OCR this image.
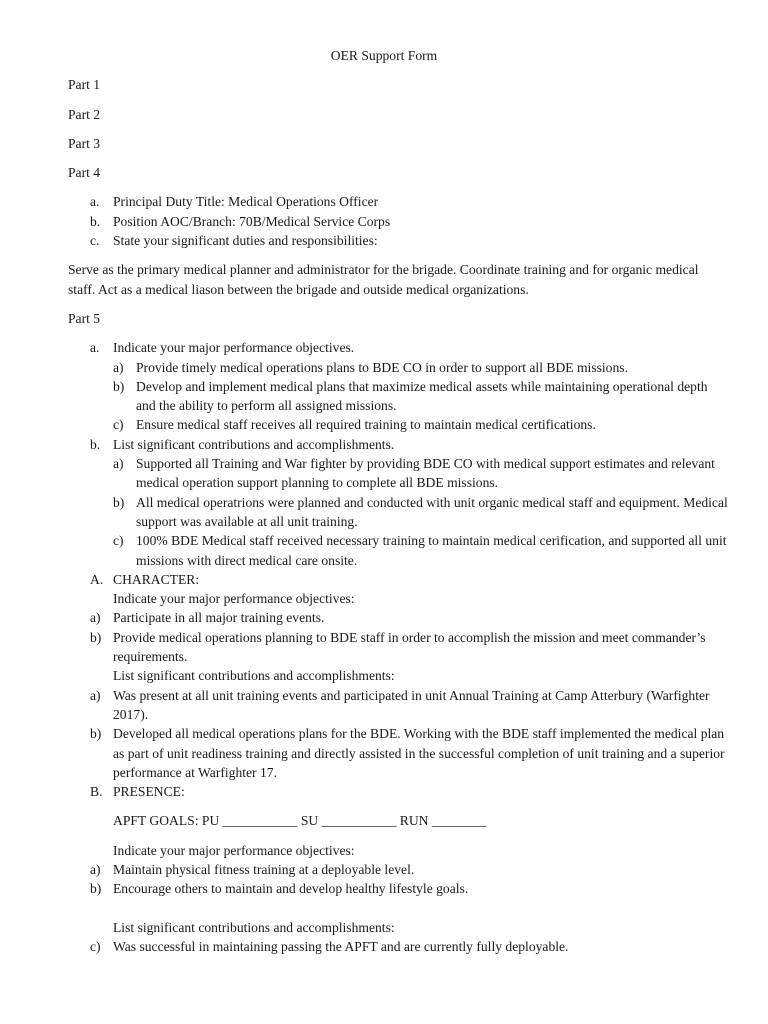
OER Support Form
Part 1
Part 2
Part 3
Part 4
a. Principal Duty Title: Medical Operations Officer
b. Position AOC/Branch: 70B/Medical Service Corps
c. State your significant duties and responsibilities:
Serve as the primary medical planner and administrator for the brigade. Coordinate training and for organic medical staff. Act as a medical liason between the brigade and outside medical organizations.
Part 5
a. Indicate your major performance objectives.
a) Provide timely medical operations plans to BDE CO in order to support all BDE missions.
b) Develop and implement medical plans that maximize medical assets while maintaining operational depth and the ability to perform all assigned missions.
c) Ensure medical staff receives all required training to maintain medical certifications.
b. List significant contributions and accomplishments.
a) Supported all Training and War fighter by providing BDE CO with medical support estimates and relevant medical operation support planning to complete all BDE missions.
b) All medical operatrions were planned and conducted with unit organic medical staff and equipment. Medical support was available at all unit training.
c) 100% BDE Medical staff received necessary training to maintain medical cerification, and supported all unit missions with direct medical care onsite.
A. CHARACTER:
Indicate your major performance objectives:
a) Participate in all major training events.
b) Provide medical operations planning to BDE staff in order to accomplish the mission and meet commander’s requirements.
List significant contributions and accomplishments:
a) Was present at all unit training events and participated in unit Annual Training at Camp Atterbury (Warfighter 2017).
b) Developed all medical operations plans for the BDE. Working with the BDE staff implemented the medical plan as part of unit readiness training and directly assisted in the successful completion of unit training and a superior performance at Warfighter 17.
B. PRESENCE:
APFT GOALS: PU ___________ SU ___________ RUN ________
Indicate your major performance objectives:
a) Maintain physical fitness training at a deployable level.
b) Encourage others to maintain and develop healthy lifestyle goals.
List significant contributions and accomplishments:
c) Was successful in maintaining passing the APFT and are currently fully deployable.
